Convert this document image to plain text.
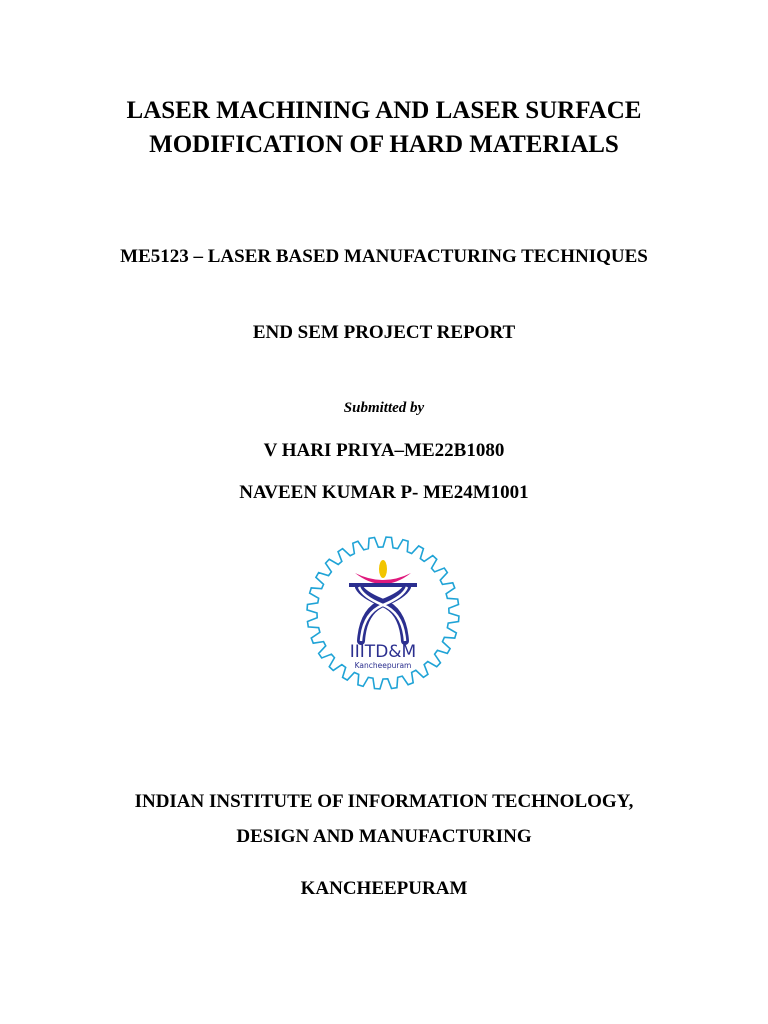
LASER MACHINING AND LASER SURFACE
MODIFICATION OF HARD MATERIALS
ME5123 – LASER BASED MANUFACTURING TECHNIQUES
END SEM PROJECT REPORT
Submitted by
V HARI PRIYA–ME22B1080
NAVEEN KUMAR P- ME24M1001
IIITD&M
Kancheepuram
INDIAN INSTITUTE OF INFORMATION TECHNOLOGY,
DESIGN AND MANUFACTURING
KANCHEEPURAM
